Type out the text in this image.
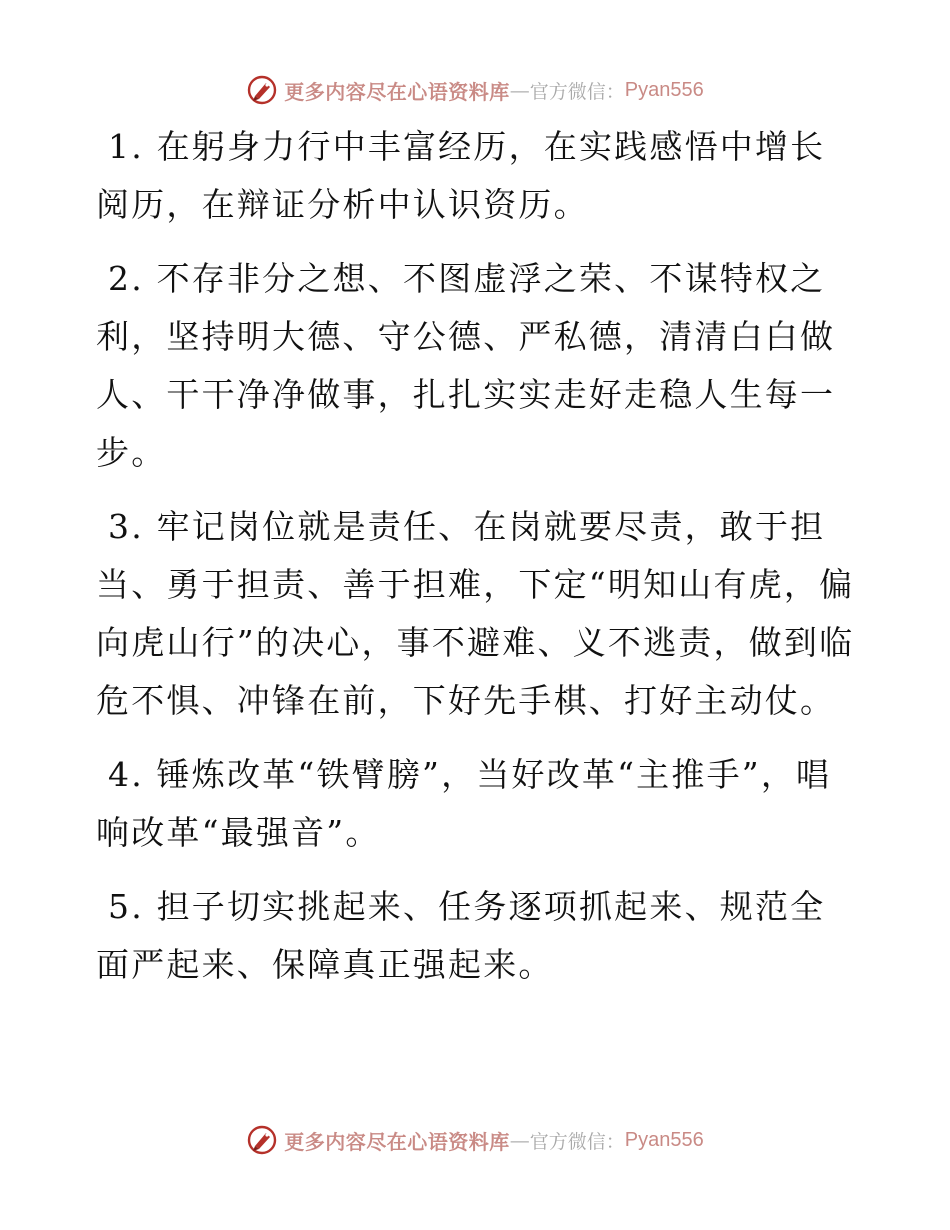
更多内容尽在心语资料库 — 官方微信： Pyan556

1. 在躬身力行中丰富经历，在实践感悟中增长阅历，在辩证分析中认识资历。

2. 不存非分之想、不图虚浮之荣、不谋特权之利，坚持明大德、守公德、严私德，清清白白做人、干干净净做事，扎扎实实走好走稳人生每一步。

3. 牢记岗位就是责任、在岗就要尽责，敢于担当、勇于担责、善于担难，下定“明知山有虎，偏向虎山行”的决心，事不避难、义不逃责，做到临危不惧、冲锋在前，下好先手棋、打好主动仗。

4. 锤炼改革“铁臂膀”，当好改革“主推手”，唱响改革“最强音”。

5. 担子切实挑起来、任务逐项抓起来、规范全面严起来、保障真正强起来。

更多内容尽在心语资料库 — 官方微信： Pyan556
